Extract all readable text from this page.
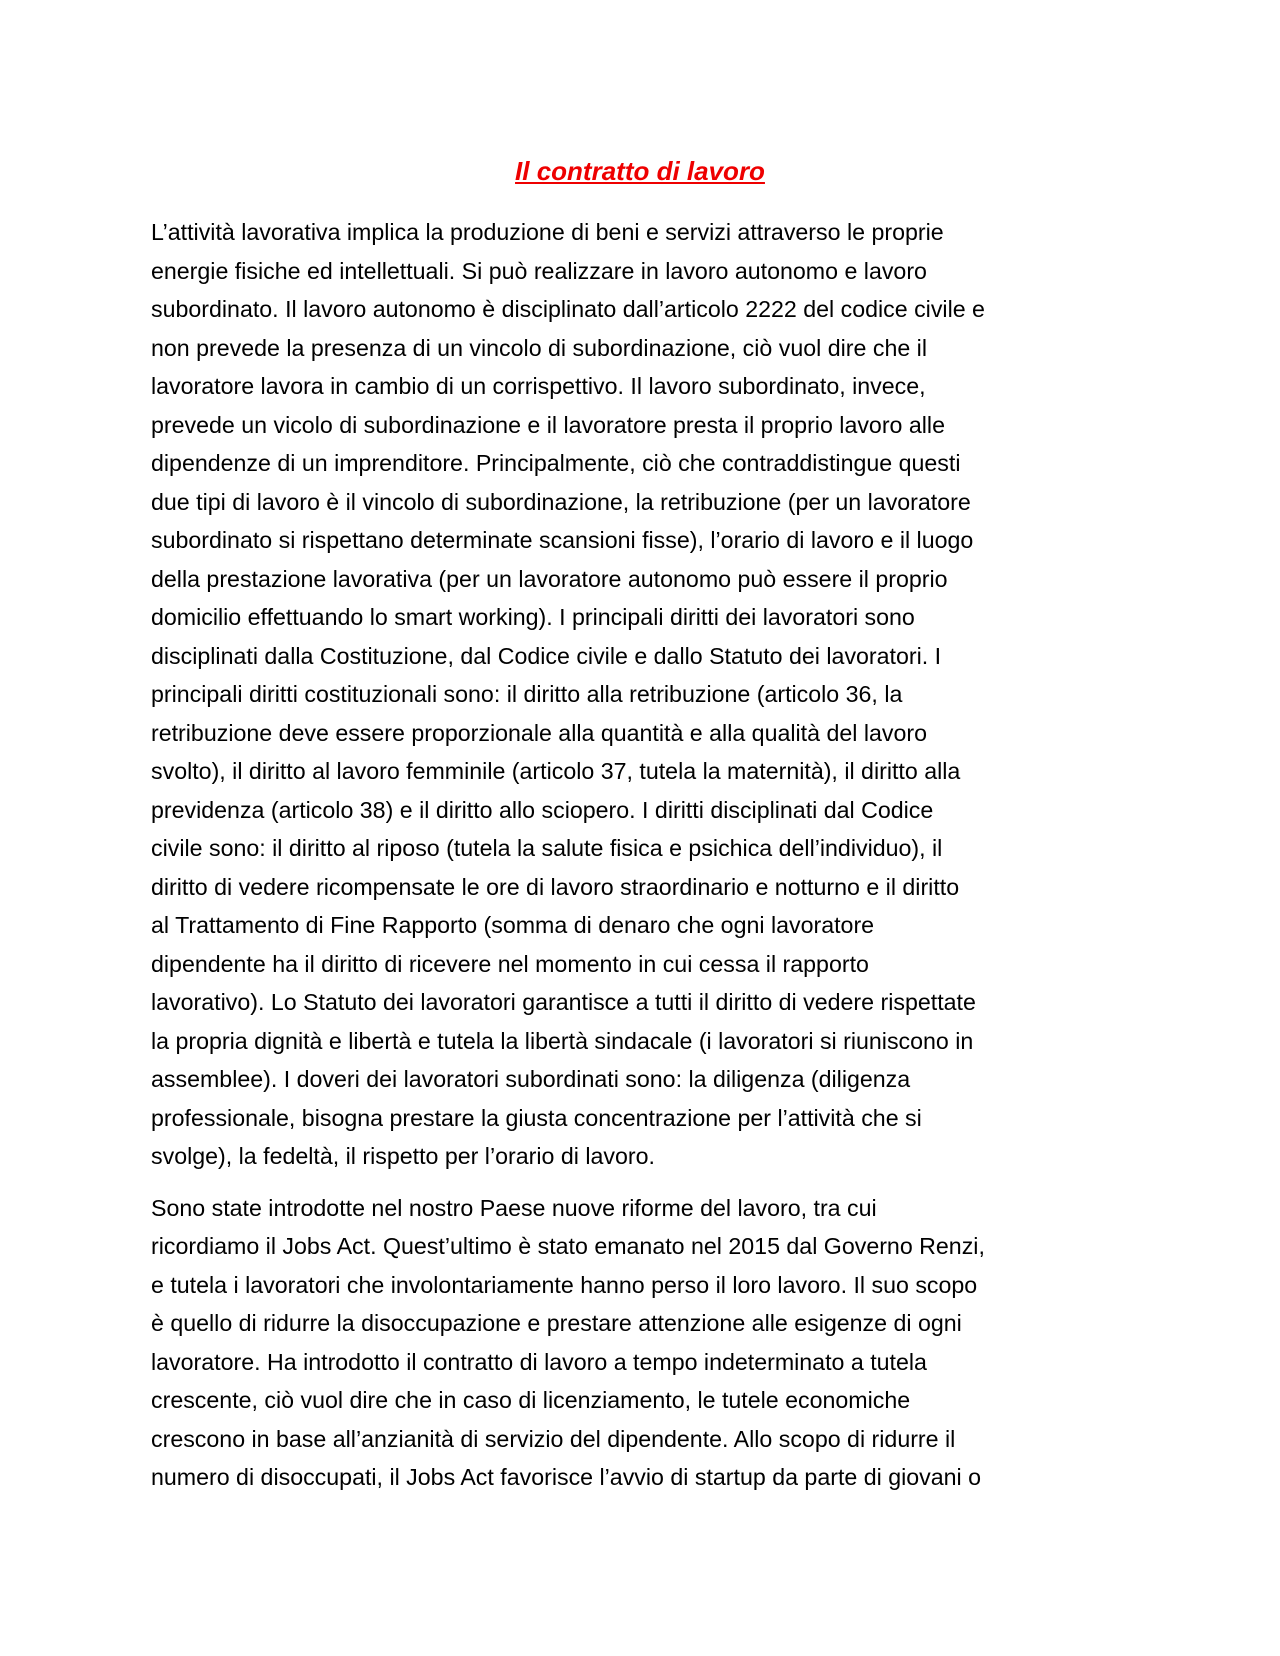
Il contratto di lavoro

L’attività lavorativa implica la produzione di beni e servizi attraverso le proprie
energie fisiche ed intellettuali. Si può realizzare in lavoro autonomo e lavoro
subordinato. Il lavoro autonomo è disciplinato dall’articolo 2222 del codice civile e
non prevede la presenza di un vincolo di subordinazione, ciò vuol dire che il
lavoratore lavora in cambio di un corrispettivo. Il lavoro subordinato, invece,
prevede un vicolo di subordinazione e il lavoratore presta il proprio lavoro alle
dipendenze di un imprenditore. Principalmente, ciò che contraddistingue questi
due tipi di lavoro è il vincolo di subordinazione, la retribuzione (per un lavoratore
subordinato si rispettano determinate scansioni fisse), l’orario di lavoro e il luogo
della prestazione lavorativa (per un lavoratore autonomo può essere il proprio
domicilio effettuando lo smart working). I principali diritti dei lavoratori sono
disciplinati dalla Costituzione, dal Codice civile e dallo Statuto dei lavoratori. I
principali diritti costituzionali sono: il diritto alla retribuzione (articolo 36, la
retribuzione deve essere proporzionale alla quantità e alla qualità del lavoro
svolto), il diritto al lavoro femminile (articolo 37, tutela la maternità), il diritto alla
previdenza (articolo 38) e il diritto allo sciopero. I diritti disciplinati dal Codice
civile sono: il diritto al riposo (tutela la salute fisica e psichica dell’individuo), il
diritto di vedere ricompensate le ore di lavoro straordinario e notturno e il diritto
al Trattamento di Fine Rapporto (somma di denaro che ogni lavoratore
dipendente ha il diritto di ricevere nel momento in cui cessa il rapporto
lavorativo). Lo Statuto dei lavoratori garantisce a tutti il diritto di vedere rispettate
la propria dignità e libertà e tutela la libertà sindacale (i lavoratori si riuniscono in
assemblee). I doveri dei lavoratori subordinati sono: la diligenza (diligenza
professionale, bisogna prestare la giusta concentrazione per l’attività che si
svolge), la fedeltà, il rispetto per l’orario di lavoro.

Sono state introdotte nel nostro Paese nuove riforme del lavoro, tra cui
ricordiamo il Jobs Act. Quest’ultimo è stato emanato nel 2015 dal Governo Renzi,
e tutela i lavoratori che involontariamente hanno perso il loro lavoro. Il suo scopo
è quello di ridurre la disoccupazione e prestare attenzione alle esigenze di ogni
lavoratore. Ha introdotto il contratto di lavoro a tempo indeterminato a tutela
crescente, ciò vuol dire che in caso di licenziamento, le tutele economiche
crescono in base all’anzianità di servizio del dipendente. Allo scopo di ridurre il
numero di disoccupati, il Jobs Act favorisce l’avvio di startup da parte di giovani o
